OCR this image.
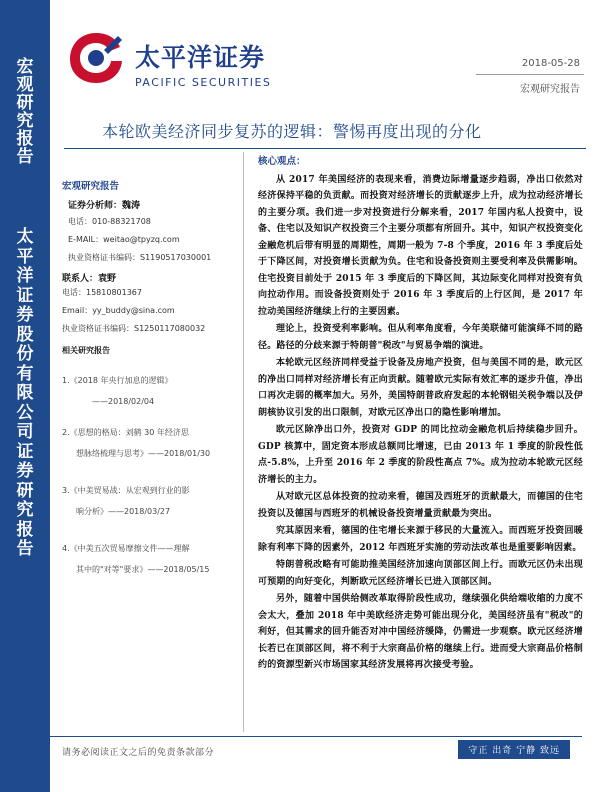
宏
观
研
究
报
告
太
平
洋
证
券
股
份
有
限
公
司
证
券
研
究
报
告
太平洋证券
PACIFIC SECURITIES
2018-05-28
宏观研究报告
本轮欧美经济同步复苏的逻辑：警惕再度出现的分化
宏观研究报告
证券分析师：魏涛
电话：010-88321708
E-MAIL：weitao@tpyzq.com
执业资格证书编码：S1190517030001
联系人：袁野
电话：15810801367
Email：yy_buddy@sina.com
执业资格证书编码：S1250117080032
相关研究报告
1.《2018 年央行加息的逻辑》
——2018/02/04
2.《思想的格局：刘鹤 30 年经济思
想脉络梳理与思考》——2018/01/30
3.《中美贸易战：从宏观到行业的影
响分析》——2018/03/27
4.《中美五次贸易摩擦文件——理解
其中的"对等"要求》——2018/05/15
核心观点：

从 2017 年美国经济的表现来看，消费边际增量逐步趋弱，净出口依然对经济保持平稳的负贡献。而投资对经济增长的贡献逐步上升，成为拉动经济增长的主要分项。我们进一步对投资进行分解来看，2017 年国内私人投资中，设备、住宅以及知识产权投资三个主要分项都有所回升。其中，知识产权投资变化金融危机后带有明显的周期性，周期一般为 7-8 个季度，2016 年 3 季度后处于下降区间，对投资增长贡献为负。住宅和设备投资则主要受利率及供需影响。住宅投资目前处于 2015 年 3 季度后的下降区间，其边际变化同样对投资有负向拉动作用。而设备投资则处于 2016 年 3 季度后的上行区间，是 2017 年拉动美国经济继续上行的主要因素。

理论上，投资受利率影响。但从利率角度看，今年美联储可能演绎不同的路径。路径的分歧来源于特朗普"税改"与贸易争端的演进。

本轮欧元区经济同样受益于设备及房地产投资，但与美国不同的是，欧元区的净出口同样对经济增长有正向贡献。随着欧元实际有效汇率的逐步升值，净出口再次走弱的概率加大。另外，美国特朗普政府发起的本轮钢铝关税争端以及伊朗核协议引发的出口限制，对欧元区净出口的隐性影响增加。

欧元区除净出口外，投资对 GDP 的同比拉动金融危机后持续稳步回升。GDP 核算中，固定资本形成总额同比增速，已由 2013 年 1 季度的阶段性低点-5.8%，上升至 2016 年 2 季度的阶段性高点 7%。成为拉动本轮欧元区经济增长的主力。

从对欧元区总体投资的拉动来看，德国及西班牙的贡献最大，而德国的住宅投资以及德国与西班牙的机械设备投资增量贡献最为突出。

究其原因来看，德国的住宅增长来源于移民的大量流入。而西班牙投资回暖除有利率下降的因素外，2012 年西班牙实施的劳动法改革也是重要影响因素。

特朗普税改略有可能助推美国经济加速向顶部区间上行。而欧元区仍未出现可预期的向好变化，判断欧元区经济增长已进入顶部区间。

另外，随着中国供给侧改革取得阶段性成功，继续强化供给端收缩的力度不会太大，叠加 2018 年中美欧经济走势可能出现分化，美国经济虽有"税改"的利好，但其需求的回升能否对冲中国经济缓降，仍需进一步观察。欧元区经济增长若已在顶部区间，将不利于大宗商品价格的继续上行。进而受大宗商品价格制约的资源型新兴市场国家其经济发展将再次接受考验。

请务必阅读正文之后的免责条款部分	守正 出奇 宁静 致远
